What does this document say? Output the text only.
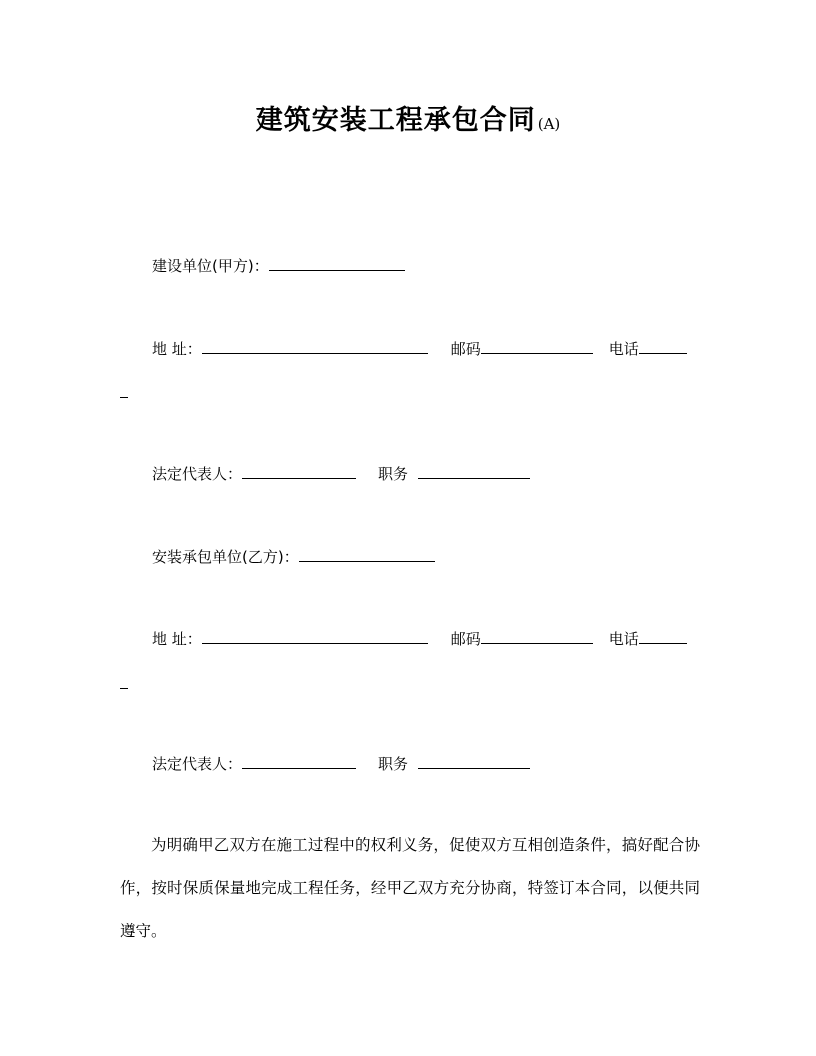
建筑安装工程承包合同 (A)
建设单位(甲方)：
地 址：	邮码	电话
法定代表人：	职务
安装承包单位(乙方)：
地 址：	邮码	电话
法定代表人：	职务
为明确甲乙双方在施工过程中的权利义务，促使双方互相创造条件，搞好配合协作，按时保质保量地完成工程任务，经甲乙双方充分协商，特签订本合同，以便共同遵守。
